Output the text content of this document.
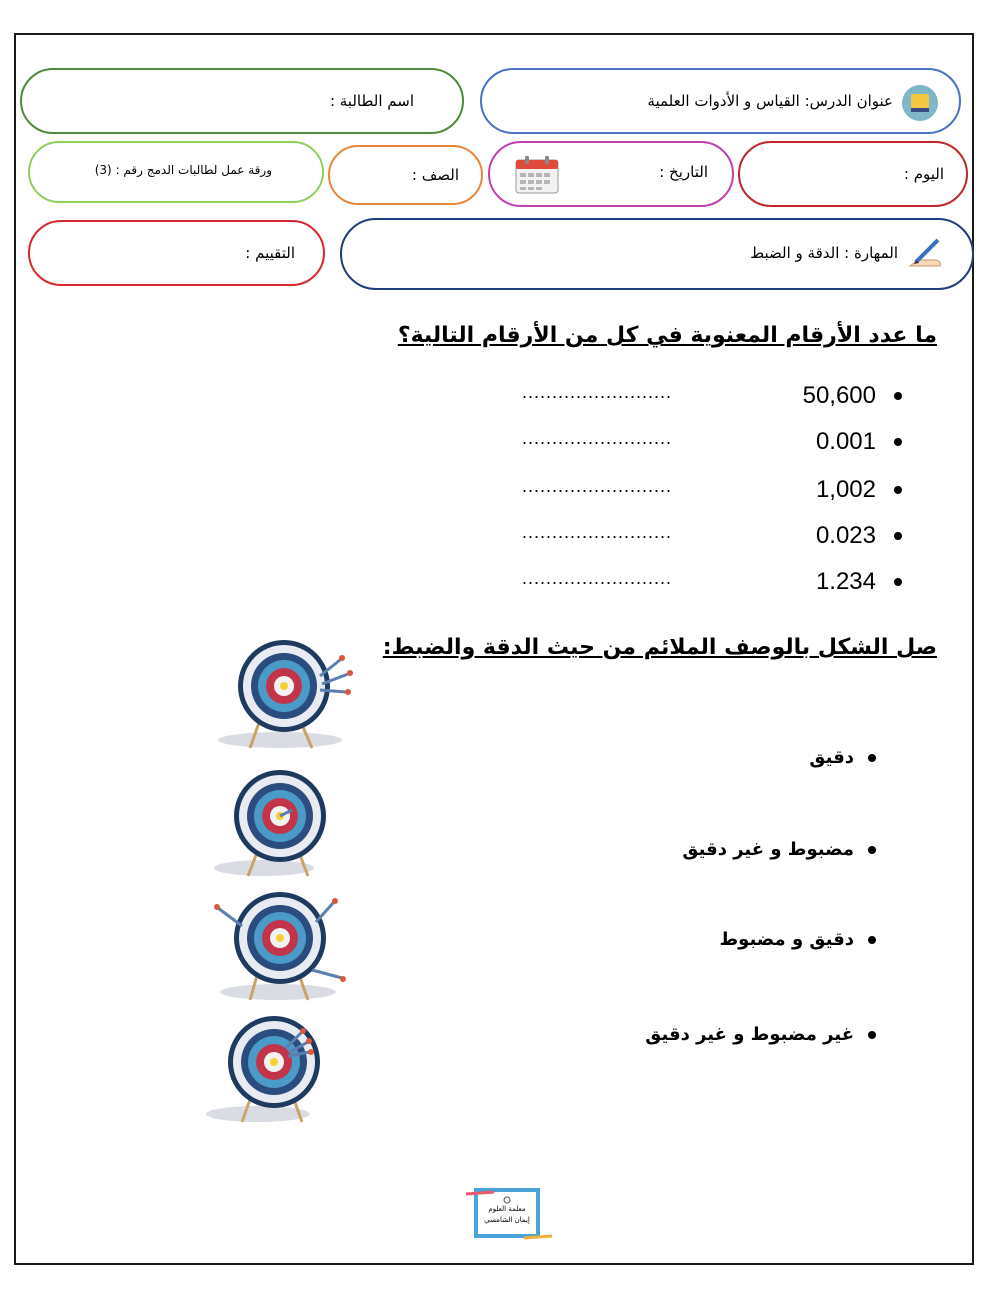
عنوان الدرس: القياس و الأدوات العلمية
اسم الطالبة :
اليوم :
التاريخ :
الصف :
ورقة عمل لطالبات الدمج رقم : (3)
المهارة : الدقة و الضبط
التقييم :
ما عدد الأرقام المعنوية في كل من الأرقام التالية؟
50,600
.........................
0.001
.........................
1,002
.........................
0.023
.........................
1.234
.........................
صل الشكل بالوصف الملائم من حيث الدقة والضبط:
دقيق
مضبوط و غير دقيق
دقيق و مضبوط
غير مضبوط و غير دقيق
معلمة العلوم
إيمان الشامسي
